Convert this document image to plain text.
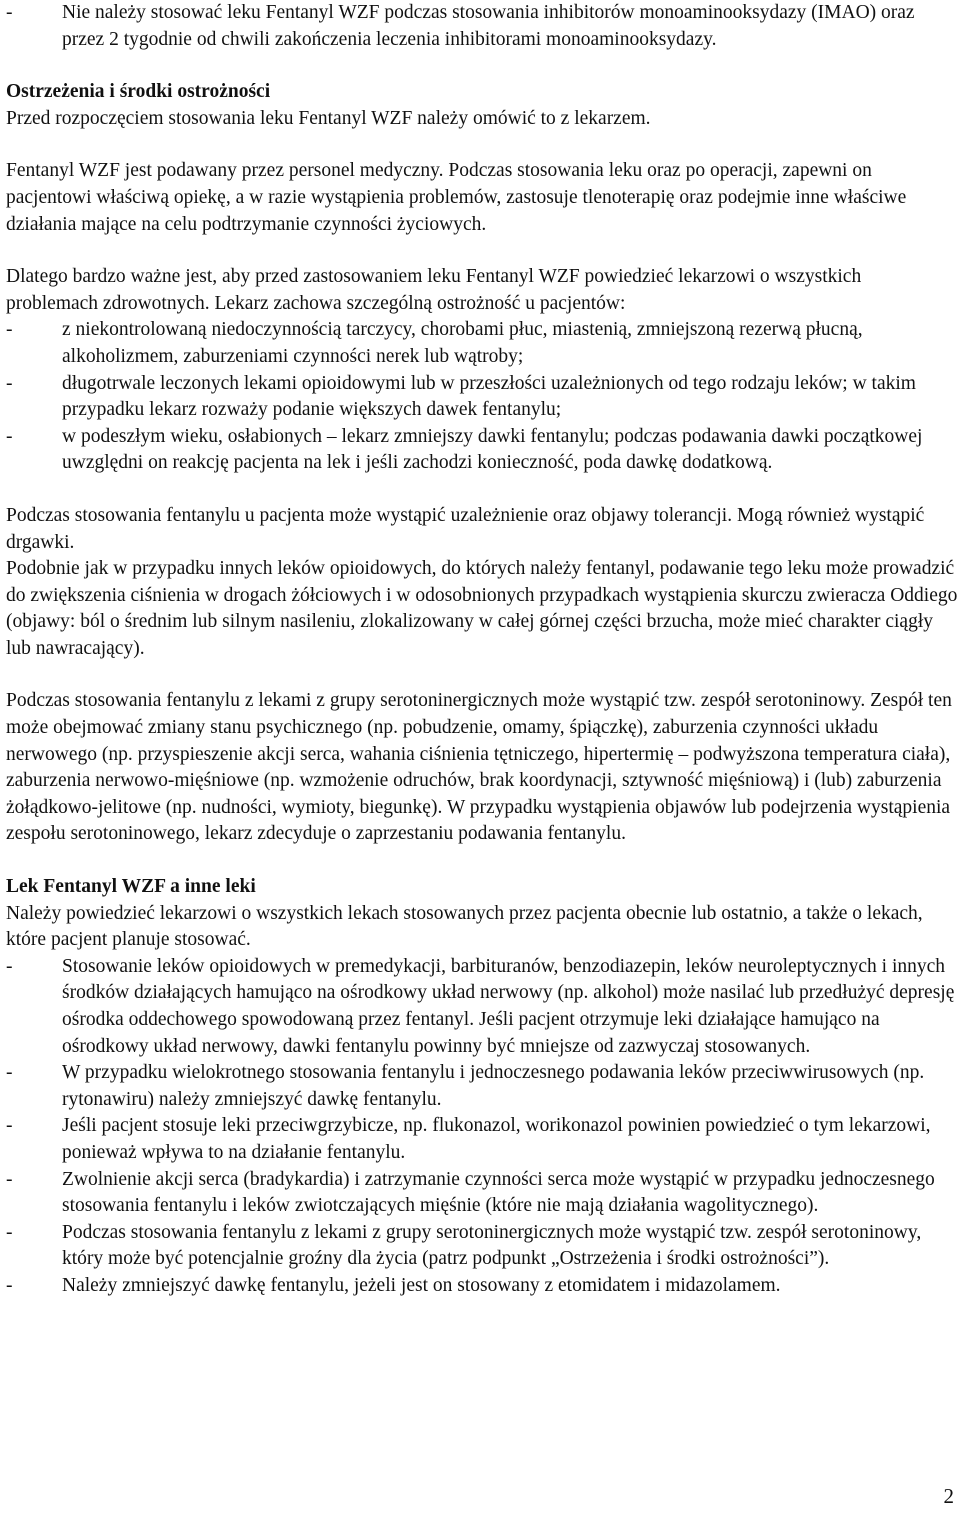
-	Nie należy stosować leku Fentanyl WZF podczas stosowania inhibitorów monoaminooksydazy (IMAO) oraz przez 2 tygodnie od chwili zakończenia leczenia inhibitorami monoaminooksydazy.

Ostrzeżenia i środki ostrożności

Przed rozpoczęciem stosowania leku Fentanyl WZF należy omówić to z lekarzem.

Fentanyl WZF jest podawany przez personel medyczny. Podczas stosowania leku oraz po operacji, zapewni on pacjentowi właściwą opiekę, a w razie wystąpienia problemów, zastosuje tlenoterapię oraz podejmie inne właściwe działania mające na celu podtrzymanie czynności życiowych.

Dlatego bardzo ważne jest, aby przed zastosowaniem leku Fentanyl WZF powiedzieć lekarzowi o wszystkich problemach zdrowotnych. Lekarz zachowa szczególną ostrożność u pacjentów:

-	z niekontrolowaną niedoczynnością tarczycy, chorobami płuc, miastenią, zmniejszoną rezerwą płucną, alkoholizmem, zaburzeniami czynności nerek lub wątroby;

-	długotrwale leczonych lekami opioidowymi lub w przeszłości uzależnionych od tego rodzaju leków; w takim przypadku lekarz rozważy podanie większych dawek fentanylu;

-	w podeszłym wieku, osłabionych – lekarz zmniejszy dawki fentanylu; podczas podawania dawki początkowej uwzględni on reakcję pacjenta na lek i jeśli zachodzi konieczność, poda dawkę dodatkową.

Podczas stosowania fentanylu u pacjenta może wystąpić uzależnienie oraz objawy tolerancji. Mogą również wystąpić drgawki.

Podobnie jak w przypadku innych leków opioidowych, do których należy fentanyl, podawanie tego leku może prowadzić do zwiększenia ciśnienia w drogach żółciowych i w odosobnionych przypadkach wystąpienia skurczu zwieracza Oddiego (objawy: ból o średnim lub silnym nasileniu, zlokalizowany w całej górnej części brzucha, może mieć charakter ciągły lub nawracający).

Podczas stosowania fentanylu z lekami z grupy serotoninergicznych może wystąpić tzw. zespół serotoninowy. Zespół ten może obejmować zmiany stanu psychicznego (np. pobudzenie, omamy, śpiączkę), zaburzenia czynności układu nerwowego (np. przyspieszenie akcji serca, wahania ciśnienia tętniczego, hipertermię – podwyższona temperatura ciała), zaburzenia nerwowo-mięśniowe (np. wzmożenie odruchów, brak koordynacji, sztywność mięśniową) i (lub) zaburzenia żołądkowo-jelitowe (np. nudności, wymioty, biegunkę). W przypadku wystąpienia objawów lub podejrzenia wystąpienia zespołu serotoninowego, lekarz zdecyduje o zaprzestaniu podawania fentanylu.

Lek Fentanyl WZF a inne leki

Należy powiedzieć lekarzowi o wszystkich lekach stosowanych przez pacjenta obecnie lub ostatnio, a także o lekach, które pacjent planuje stosować.

-	Stosowanie leków opioidowych w premedykacji, barbituranów, benzodiazepin, leków neuroleptycznych i innych środków działających hamująco na ośrodkowy układ nerwowy (np. alkohol) może nasilać lub przedłużyć depresję ośrodka oddechowego spowodowaną przez fentanyl. Jeśli pacjent otrzymuje leki działające hamująco na ośrodkowy układ nerwowy, dawki fentanylu powinny być mniejsze od zazwyczaj stosowanych.

-	W przypadku wielokrotnego stosowania fentanylu i jednoczesnego podawania leków przeciwwirusowych (np. rytonawiru) należy zmniejszyć dawkę fentanylu.

-	Jeśli pacjent stosuje leki przeciwgrzybicze, np. flukonazol, worikonazol powinien powiedzieć o tym lekarzowi, ponieważ wpływa to na działanie fentanylu.

-	Zwolnienie akcji serca (bradykardia) i zatrzymanie czynności serca może wystąpić w przypadku jednoczesnego stosowania fentanylu i leków zwiotczających mięśnie (które nie mają działania wagolitycznego).

-	Podczas stosowania fentanylu z lekami z grupy serotoninergicznych może wystąpić tzw. zespół serotoninowy, który może być potencjalnie groźny dla życia (patrz podpunkt „Ostrzeżenia i środki ostrożności”).

-	Należy zmniejszyć dawkę fentanylu, jeżeli jest on stosowany z etomidatem i midazolamem.

2
